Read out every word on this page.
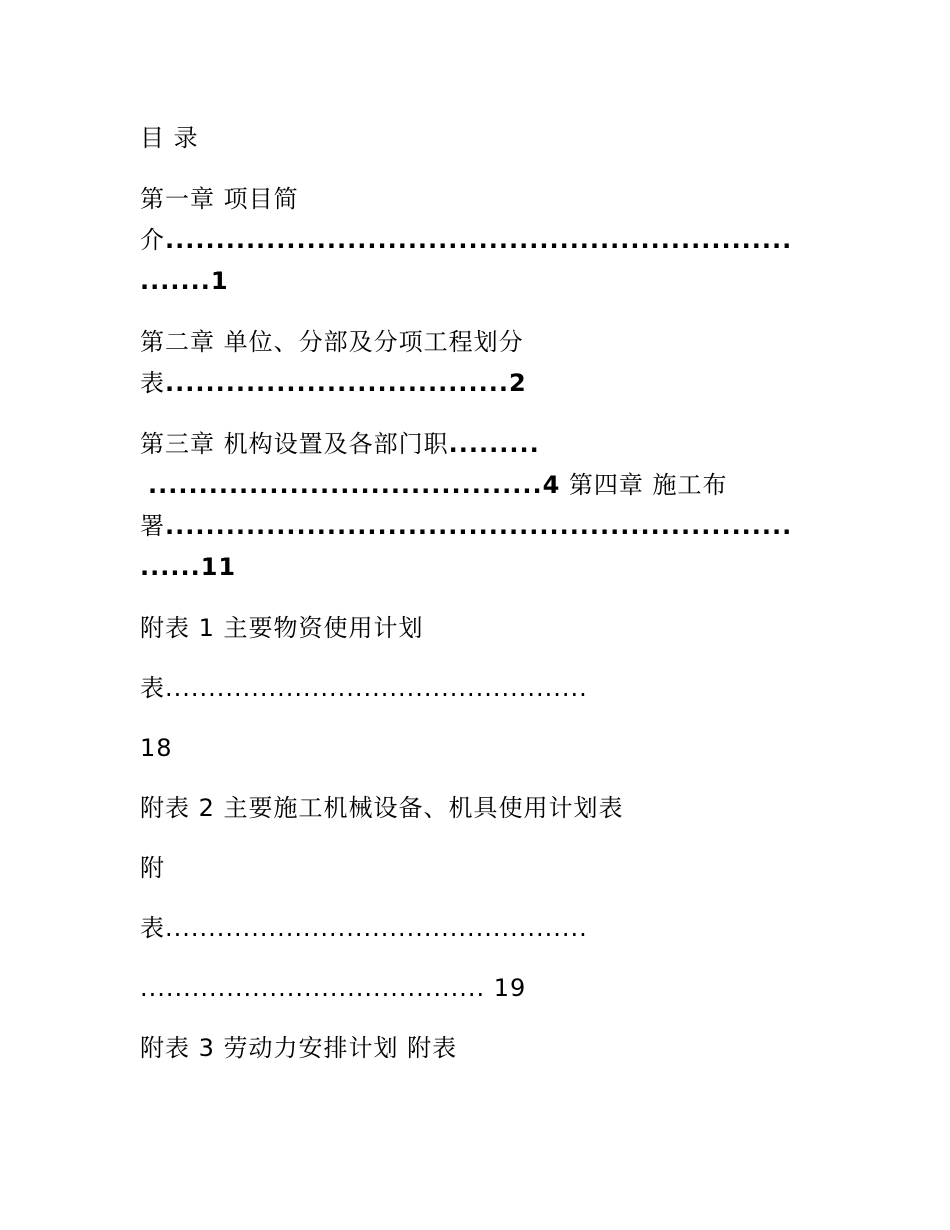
目 录
第一章 项目简
介..............................................................
.......1
第二章 单位、分部及分项工程划分
表..................................2
第三章 机构设置及各部门职.........
.......................................4 第四章 施工布
署..............................................................
......11
附表 1 主要物资使用计划
表.................................................
18
附表 2 主要施工机械设备、机具使用计划表
附
表.................................................
........................................ 19
附表 3 劳动力安排计划 附表
